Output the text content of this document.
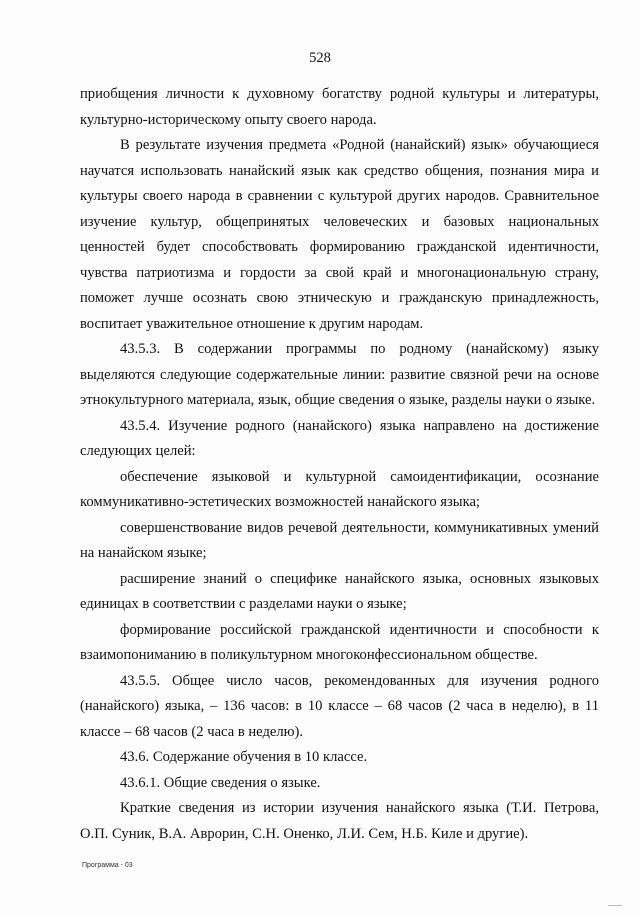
528

приобщения личности к духовному богатству родной культуры и литературы, культурно-историческому опыту своего народа.

В результате изучения предмета «Родной (нанайский) язык» обучающиеся научатся использовать нанайский язык как средство общения, познания мира и культуры своего народа в сравнении с культурой других народов. Сравнительное изучение культур, общепринятых человеческих и базовых национальных ценностей будет способствовать формированию гражданской идентичности, чувства патриотизма и гордости за свой край и многонациональную страну, поможет лучше осознать свою этническую и гражданскую принадлежность, воспитает уважительное отношение к другим народам.

43.5.3. В содержании программы по родному (нанайскому) языку выделяются следующие содержательные линии: развитие связной речи на основе этнокультурного материала, язык, общие сведения о языке, разделы науки о языке.

43.5.4. Изучение родного (нанайского) языка направлено на достижение следующих целей:

обеспечение языковой и культурной самоидентификации, осознание коммуникативно-эстетических возможностей нанайского языка;

совершенствование видов речевой деятельности, коммуникативных умений на нанайском языке;

расширение знаний о специфике нанайского языка, основных языковых единицах в соответствии с разделами науки о языке;

формирование российской гражданской идентичности и способности к взаимопониманию в поликультурном многоконфессиональном обществе.

43.5.5. Общее число часов, рекомендованных для изучения родного (нанайского) языка, – 136 часов: в 10 классе – 68 часов (2 часа в неделю), в 11 классе – 68 часов (2 часа в неделю).

43.6. Содержание обучения в 10 классе.

43.6.1. Общие сведения о языке.

Краткие сведения из истории изучения нанайского языка (Т.И. Петрова, О.П. Суник, В.А. Аврорин, С.Н. Оненко, Л.И. Сем, Н.Б. Киле и другие).

Программа - 03
